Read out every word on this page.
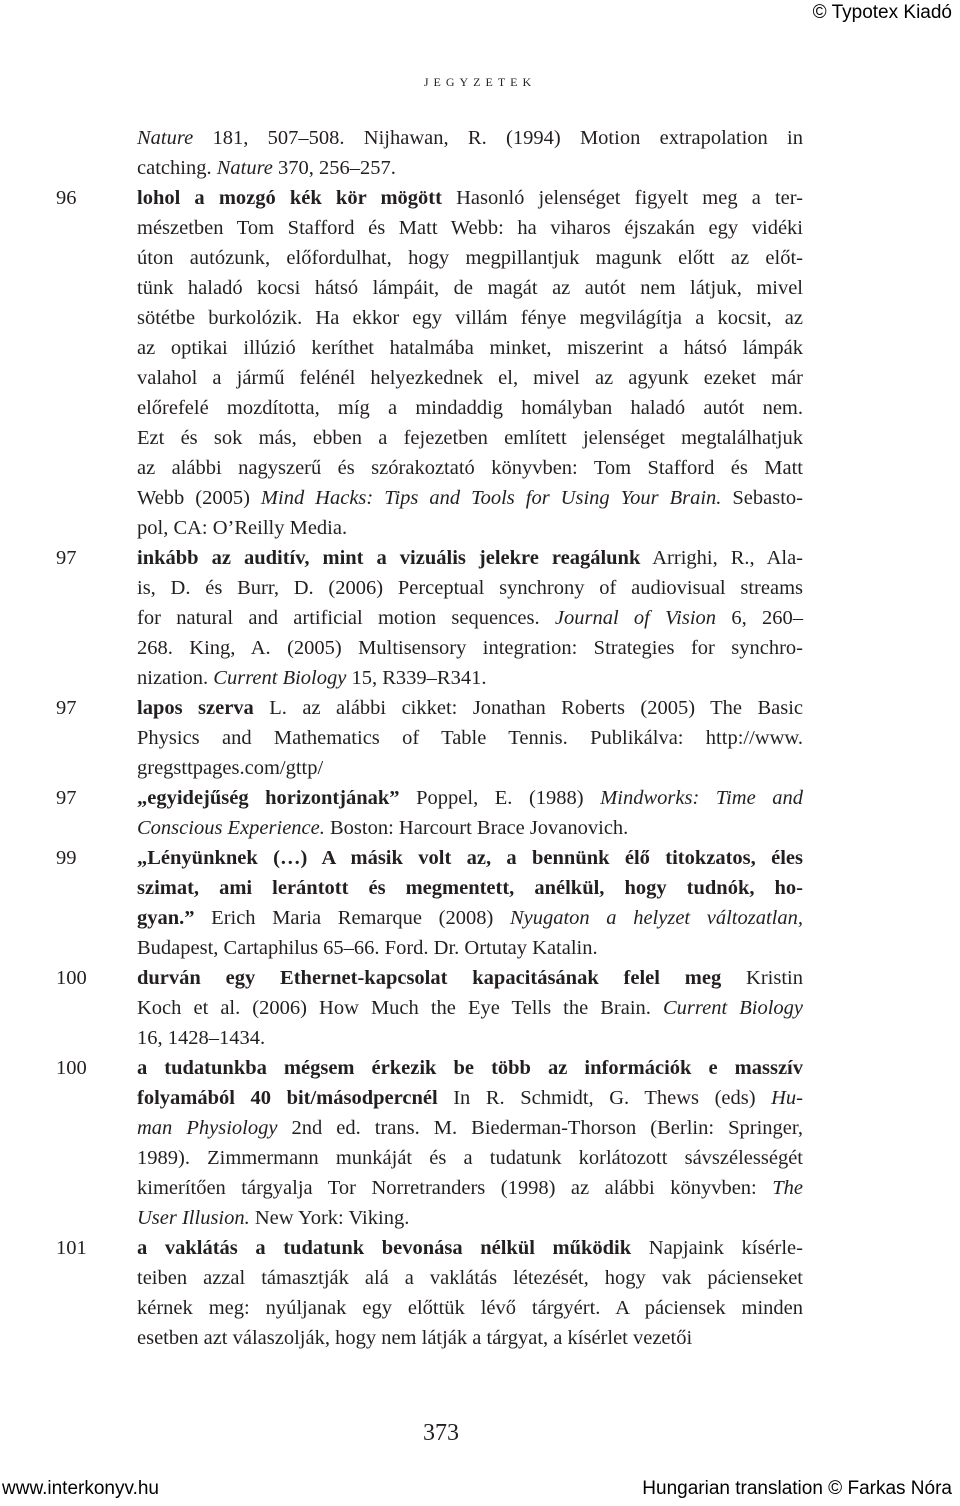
© Typotex Kiadó
jegyzetek
Nature 181, 507–508. Nijhawan, R. (1994) Motion extrapolation in
catching. Nature 370, 256–257.
96	lohol a mozgó kék kör mögött Hasonló jelenséget figyelt meg a ter-
mészetben Tom Stafford és Matt Webb: ha viharos éjszakán egy vidéki
úton autózunk, előfordulhat, hogy megpillantjuk magunk előtt az előt-
tünk haladó kocsi hátsó lámpáit, de magát az autót nem látjuk, mivel
sötétbe burkolózik. Ha ekkor egy villám fénye megvilágítja a kocsit, az
az optikai illúzió keríthet hatalmába minket, miszerint a hátsó lámpák
valahol a jármű felénél helyezkednek el, mivel az agyunk ezeket már
előrefelé mozdította, míg a mindaddig homályban haladó autót nem.
Ezt és sok más, ebben a fejezetben említett jelenséget megtalálhatjuk
az alábbi nagyszerű és szórakoztató könyvben: Tom Stafford és Matt
Webb (2005) Mind Hacks: Tips and Tools for Using Your Brain. Sebasto-
pol, CA: O’Reilly Media.
97	inkább az auditív, mint a vizuális jelekre reagálunk Arrighi, R., Ala-
is, D. és Burr, D. (2006) Perceptual synchrony of audiovisual streams
for natural and artificial motion sequences. Journal of Vision 6, 260–
268. King, A. (2005) Multisensory integration: Strategies for synchro-
nization. Current Biology 15, R339–R341.
97	lapos szerva L. az alábbi cikket: Jonathan Roberts (2005) The Basic
Physics and Mathematics of Table Tennis. Publikálva: http://www.
gregsttpages.com/gttp/
97	„egyidejűség horizontjának” Poppel, E. (1988) Mindworks: Time and
Conscious Experience. Boston: Harcourt Brace Jovanovich.
99	„Lényünknek (…) A másik volt az, a bennünk élő titokzatos, éles
szimat, ami lerántott és megmentett, anélkül, hogy tudnók, ho-
gyan.” Erich Maria Remarque (2008) Nyugaton a helyzet változatlan,
Budapest, Cartaphilus 65–66. Ford. Dr. Ortutay Katalin.
100	durván egy Ethernet-kapcsolat kapacitásának felel meg Kristin
Koch et al. (2006) How Much the Eye Tells the Brain. Current Biology
16, 1428–1434.
100	a tudatunkba mégsem érkezik be több az információk e masszív
folyamából 40 bit/másodpercnél In R. Schmidt, G. Thews (eds) Hu-
man Physiology 2nd ed. trans. M. Biederman-Thorson (Berlin: Springer,
1989). Zimmermann munkáját és a tudatunk korlátozott sávszélességét
kimerítően tárgyalja Tor Norretranders (1998) az alábbi könyvben: The
User Illusion. New York: Viking.
101	a vaklátás a tudatunk bevonása nélkül működik Napjaink kísérle-
teiben azzal támasztják alá a vaklátás létezését, hogy vak pácienseket
kérnek meg: nyúljanak egy előttük lévő tárgyért. A páciensek minden
esetben azt válaszolják, hogy nem látják a tárgyat, a kísérlet vezetői
373
www.interkonyv.hu	Hungarian translation © Farkas Nóra
